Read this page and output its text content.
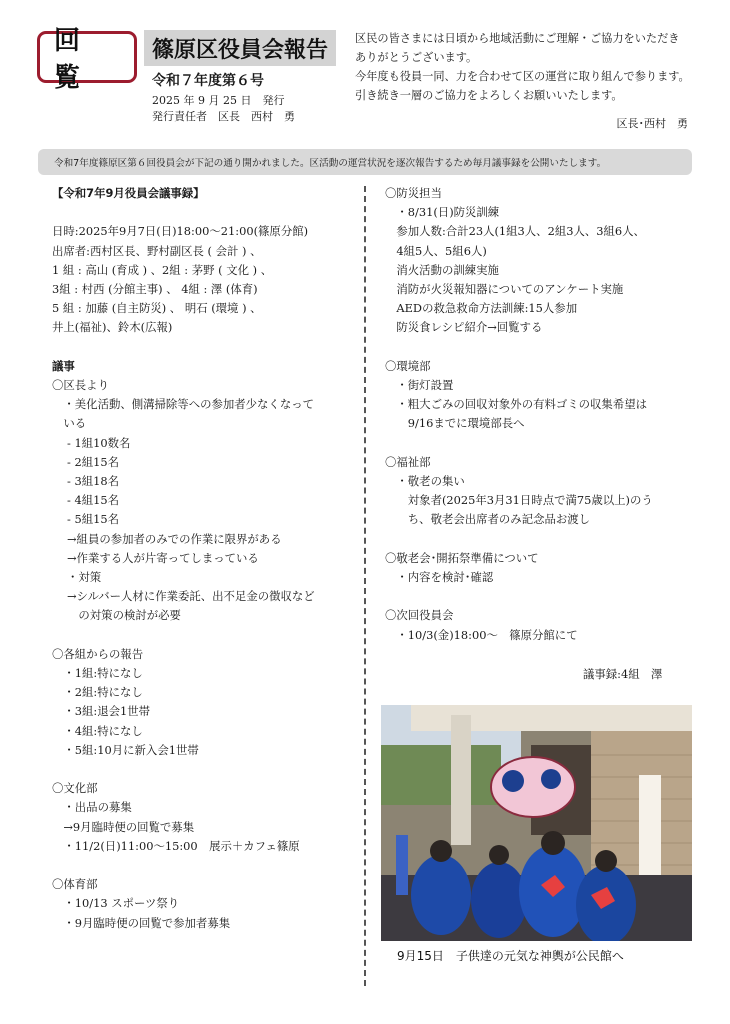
回 覧
篠原区役員会報告
令和７年度第６号
2025 年 9 月 25 日　発行
発行責任者　区長　西村　勇
区民の皆さまには日頃から地域活動にご理解・ご協力をいただき
ありがとうございます。
今年度も役員一同、力を合わせて区の運営に取り組んで参ります。
引き続き一層のご協力をよろしくお願いいたします。
区長･西村　勇
令和7年度篠原区第６回役員会が下記の通り開かれました。区活動の運営状況を逐次報告するため毎月議事録を公開いたします。
【令和7年9月役員会議事録】
日時:2025年9月7日(日)18:00～21:00(篠原分館)
出席者:西村区長、野村副区長 ( 会計 ) 、
1 組 : 高山 (育成 ) 、2組 : 茅野 ( 文化 ) 、
3組 : 村西 (分館主事) 、 4組 : 澤 (体育)
5 組 : 加藤 (自主防災) 、 明石 (環境 ) 、
井上(福祉)、鈴木(広報)
議事
〇区長より
　・美化活動、側溝掃除等への参加者少なくなって
　いる
　 - 1組10数名
　 - 2組15名
　 - 3組18名
　 - 4組15名
　 - 5組15名
　 →組員の参加者のみでの作業に限界がある
　 →作業する人が片寄ってしまっている
　 ・対策
　 →シルバー人材に作業委託、出不足金の徴収など
　 　の対策の検討が必要
〇各組からの報告
　・1組:特になし
　・2組:特になし
　・3組:退会1世帯
　・4組:特になし
　・5組:10月に新入会1世帯
〇文化部
　・出品の募集
　→9月臨時便の回覧で募集
　・11/2(日)11:00～15:00　展示＋カフェ篠原
〇体育部
　・10/13 スポーツ祭り
　・9月臨時便の回覧で参加者募集
〇防災担当
　・8/31(日)防災訓練
　参加人数:合計23人(1組3人、2組3人、3組6人、
　4組5人、5組6人)
　消火活動の訓練実施
　消防が火災報知器についてのアンケート実施
　AEDの救急救命方法訓練:15人参加
　防災食レシピ紹介→回覧する
〇環境部
　・街灯設置
　・粗大ごみの回収対象外の有料ゴミの収集希望は
　　9/16までに環境部長へ
〇福祉部
　・敬老の集い
　　対象者(2025年3月31日時点で満75歳以上)のう
　　ち、敬老会出席者のみ記念品お渡し
〇敬老会･開拓祭準備について
　・内容を検討･確認
〇次回役員会
　・10/3(金)18:00～　篠原分館にて
議事録:4組　澤
9月15日　子供達の元気な神輿が公民館へ
